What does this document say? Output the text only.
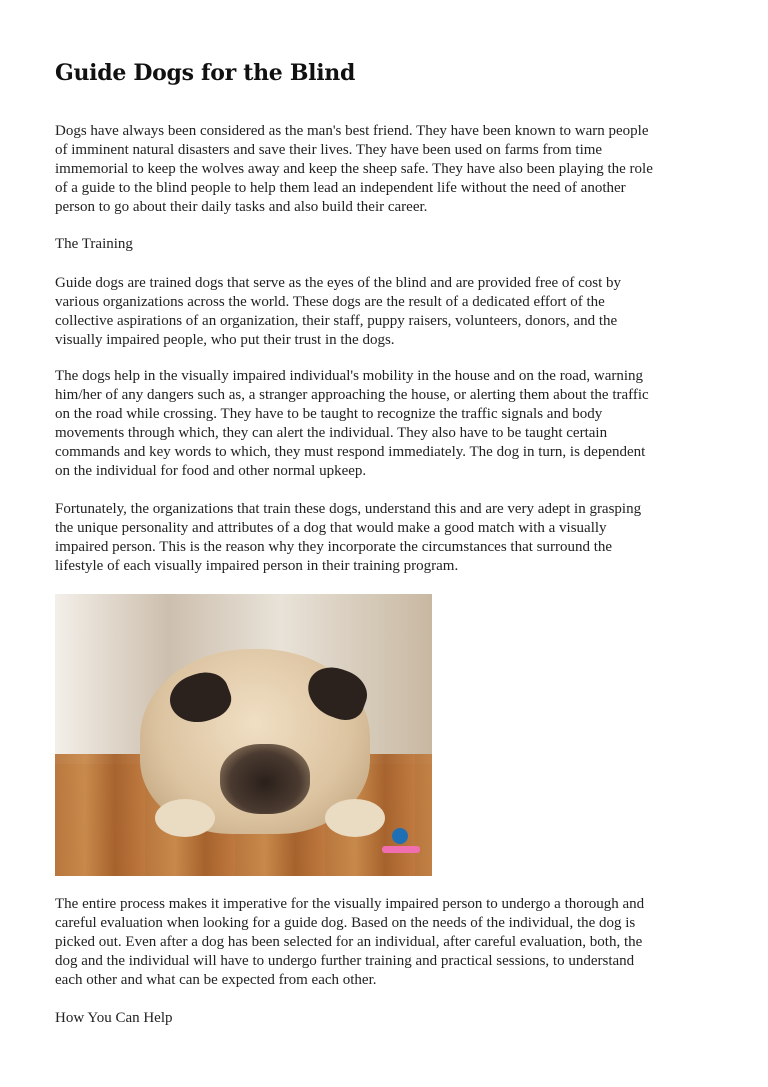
Guide Dogs for the Blind
Dogs have always been considered as the man's best friend. They have been known to warn people
of imminent natural disasters and save their lives. They have been used on farms from time
immemorial to keep the wolves away and keep the sheep safe. They have also been playing the role
of a guide to the blind people to help them lead an independent life without the need of another
person to go about their daily tasks and also build their career.
The Training
Guide dogs are trained dogs that serve as the eyes of the blind and are provided free of cost by
various organizations across the world. These dogs are the result of a dedicated effort of the
collective aspirations of an organization, their staff, puppy raisers, volunteers, donors, and the
visually impaired people, who put their trust in the dogs.
The dogs help in the visually impaired individual's mobility in the house and on the road, warning
him/her of any dangers such as, a stranger approaching the house, or alerting them about the traffic
on the road while crossing. They have to be taught to recognize the traffic signals and body
movements through which, they can alert the individual. They also have to be taught certain
commands and key words to which, they must respond immediately. The dog in turn, is dependent
on the individual for food and other normal upkeep.
Fortunately, the organizations that train these dogs, understand this and are very adept in grasping
the unique personality and attributes of a dog that would make a good match with a visually
impaired person. This is the reason why they incorporate the circumstances that surround the
lifestyle of each visually impaired person in their training program.
The entire process makes it imperative for the visually impaired person to undergo a thorough and
careful evaluation when looking for a guide dog. Based on the needs of the individual, the dog is
picked out. Even after a dog has been selected for an individual, after careful evaluation, both, the
dog and the individual will have to undergo further training and practical sessions, to understand
each other and what can be expected from each other.
How You Can Help
